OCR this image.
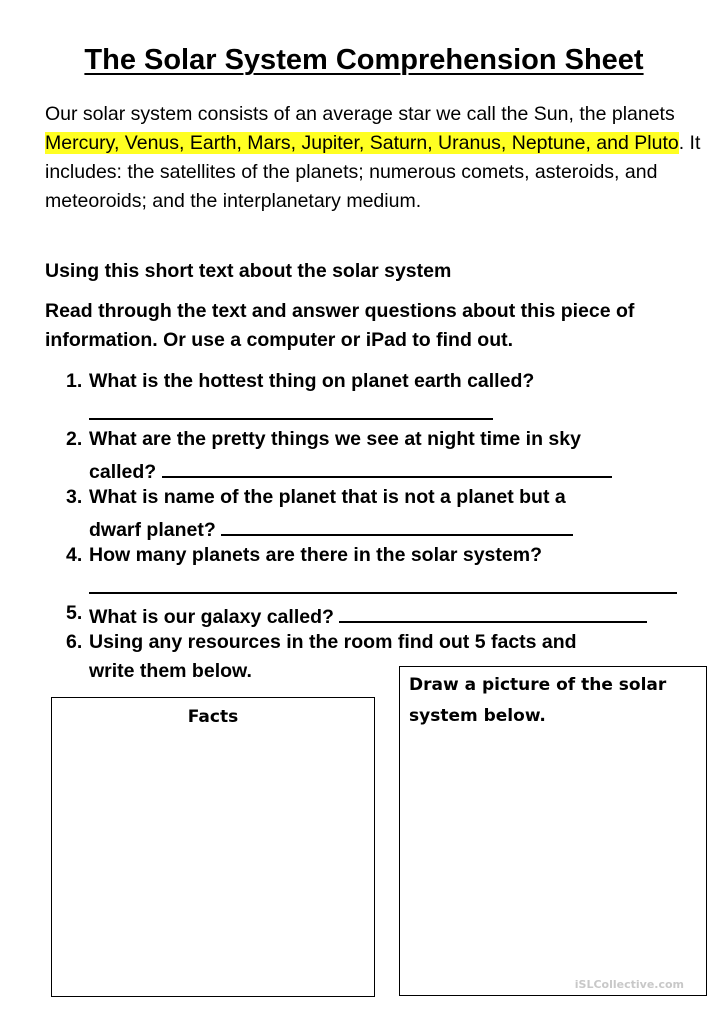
The Solar System Comprehension Sheet
Our solar system consists of an average star we call the Sun, the planets Mercury, Venus, Earth, Mars, Jupiter, Saturn, Uranus, Neptune, and Pluto. It includes: the satellites of the planets; numerous comets, asteroids, and meteoroids; and the interplanetary medium.
Using this short text about the solar system
Read through the text and answer questions about this piece of information. Or use a computer or iPad to find out.
1. What is the hottest thing on planet earth called?
2. What are the pretty things we see at night time in sky
called?
3. What is name of the planet that is not a planet but a
dwarf planet?
4. How many planets are there in the solar system?
5. What is our galaxy called?
6. Using any resources in the room find out 5 facts and
write them below.
Facts
Draw a picture of the solar
system below.
iSLCollective.com
